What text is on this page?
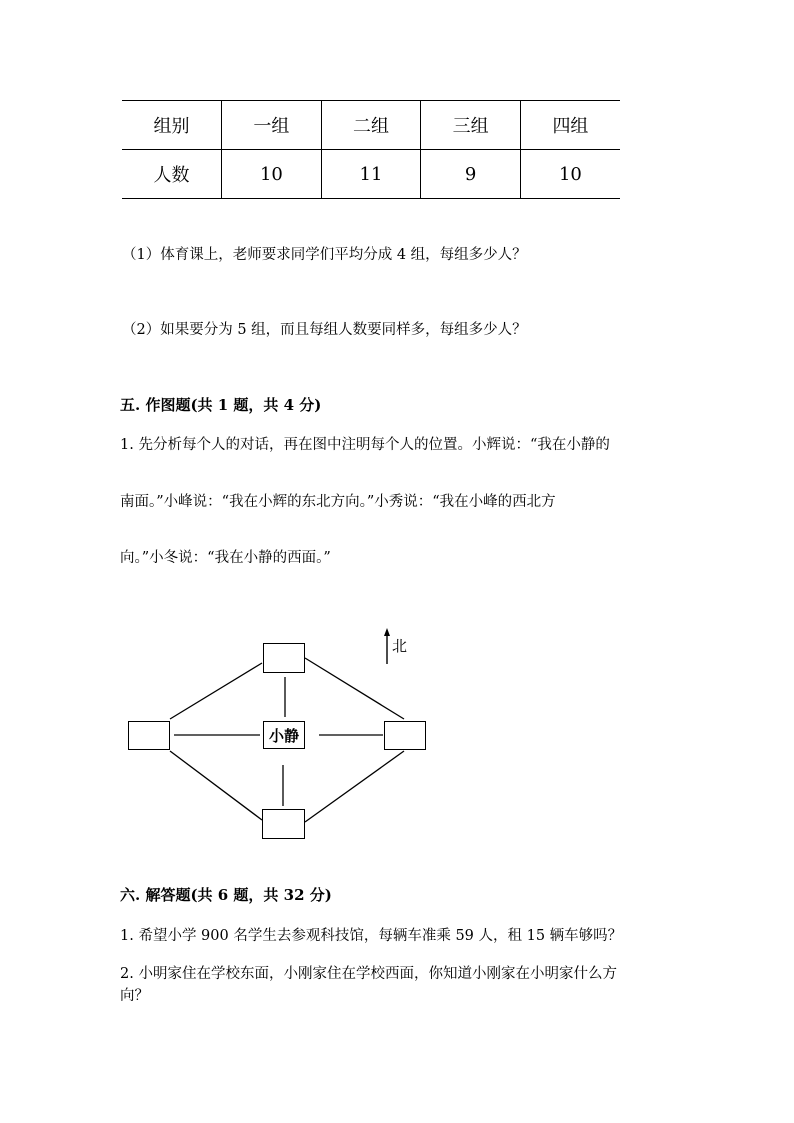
组别	一组	二组	三组	四组
人数	10	11	9	10
（1）体育课上，老师要求同学们平均分成 4 组，每组多少人？
（2）如果要分为 5 组，而且每组人数要同样多，每组多少人？
五. 作图题(共 1 题，共 4 分)
1. 先分析每个人的对话，再在图中注明每个人的位置。小辉说：“我在小静的
南面。”小峰说：“我在小辉的东北方向。”小秀说：“我在小峰的西北方
向。”小冬说：“我在小静的西面。”
小静
北
六. 解答题(共 6 题，共 32 分)
1. 希望小学 900 名学生去参观科技馆，每辆车准乘 59 人，租 15 辆车够吗？
2. 小明家住在学校东面，小刚家住在学校西面，你知道小刚家在小明家什么方
向？
